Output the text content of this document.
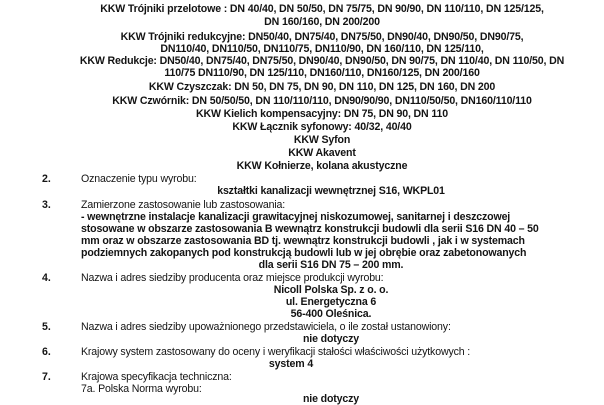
KKW Trójniki przelotowe : DN 40/40, DN 50/50, DN 75/75, DN 90/90, DN 110/110, DN 125/125,
DN 160/160, DN 200/200
KKW Trójniki redukcyjne: DN50/40, DN75/40, DN75/50, DN90/40, DN90/50, DN90/75,
DN110/40, DN110/50, DN110/75, DN110/90, DN 160/110, DN 125/110,
KKW Redukcje: DN50/40, DN75/40, DN75/50, DN90/40, DN90/50, DN 90/75, DN 110/40, DN 110/50, DN
110/75 DN110/90, DN 125/110, DN160/110, DN160/125, DN 200/160
KKW Czyszczak: DN 50, DN 75, DN 90, DN 110, DN 125, DN 160, DN 200
KKW Czwórnik: DN 50/50/50, DN 110/110/110, DN90/90/90, DN110/50/50, DN160/110/110
KKW Kielich kompensacyjny: DN 75, DN 90, DN 110
KKW Łącznik syfonowy: 40/32, 40/40
KKW Syfon
KKW Akavent
KKW Kołnierze, kolana akustyczne
2.	Oznaczenie typu wyrobu:
kształtki kanalizacji wewnętrznej S16, WKPL01
3.	Zamierzone zastosowanie lub zastosowania:
- wewnętrzne instalacje kanalizacji grawitacyjnej niskozumowej, sanitarnej i deszczowej
stosowane w obszarze zastosowania B wewnątrz konstrukcji budowli dla serii S16 DN 40 – 50
mm oraz w obszarze zastosowania BD tj. wewnątrz konstrukcji budowli , jak i w systemach
podziemnych zakopanych pod konstrukcją budowli lub w jej obrębie oraz zabetonowanych
dla serii S16 DN 75 – 200 mm.
4.	Nazwa i adres siedziby producenta oraz miejsce produkcji wyrobu:
Nicoll Polska Sp. z o. o.
ul. Energetyczna 6
56-400 Oleśnica.
5.	Nazwa i adres siedziby upoważnionego przedstawiciela, o ile został ustanowiony:
nie dotyczy
6.	Krajowy system zastosowany do oceny i weryfikacji stałości właściwości użytkowych :
system 4
7.	Krajowa specyfikacja techniczna:
7a. Polska Norma wyrobu:
nie dotyczy
